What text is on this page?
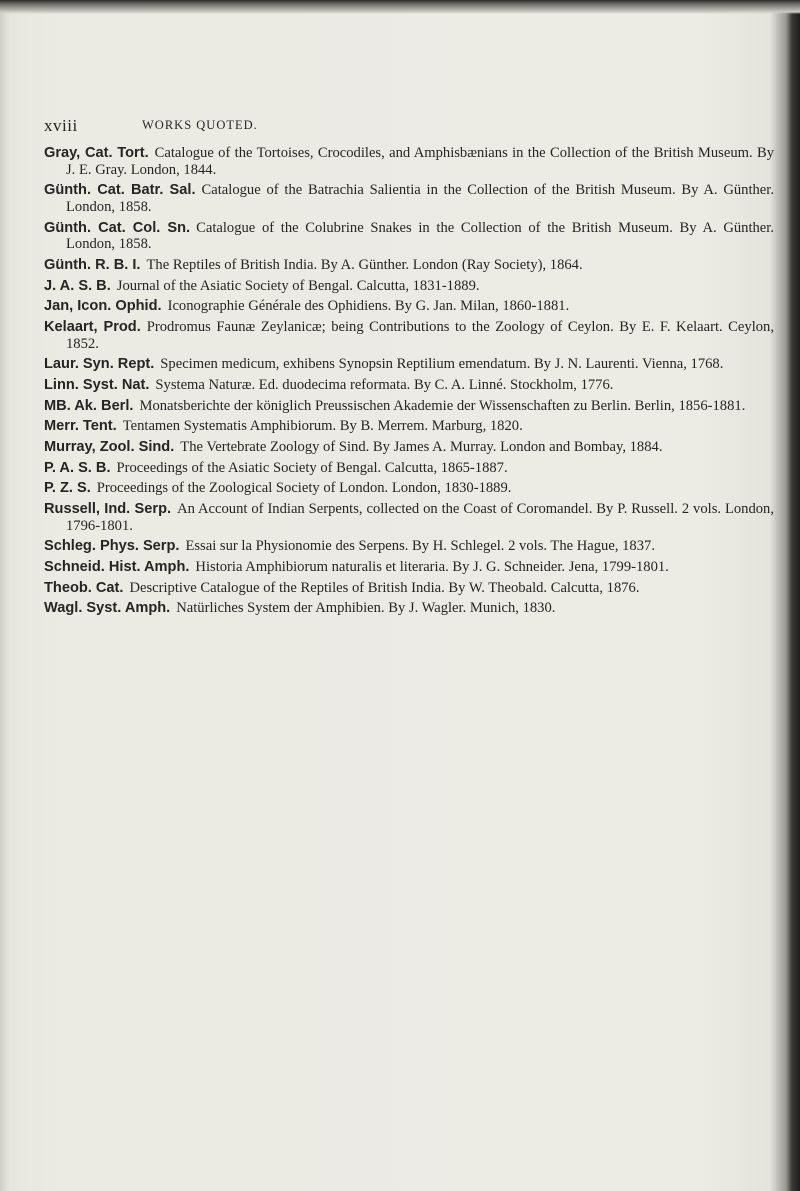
xviii	WORKS QUOTED.
Gray, Cat. Tort. Catalogue of the Tortoises, Crocodiles, and Amphisbænians in the Collection of the British Museum. By J. E. Gray. London, 1844.
Günth. Cat. Batr. Sal. Catalogue of the Batrachia Salientia in the Collection of the British Museum. By A. Günther. London, 1858.
Günth. Cat. Col. Sn. Catalogue of the Colubrine Snakes in the Collection of the British Museum. By A. Günther. London, 1858.
Günth. R. B. I. The Reptiles of British India. By A. Günther. London (Ray Society), 1864.
J. A. S. B. Journal of the Asiatic Society of Bengal. Calcutta, 1831-1889.
Jan, Icon. Ophid. Iconographie Générale des Ophidiens. By G. Jan. Milan, 1860-1881.
Kelaart, Prod. Prodromus Faunæ Zeylanicæ; being Contributions to the Zoology of Ceylon. By E. F. Kelaart. Ceylon, 1852.
Laur. Syn. Rept. Specimen medicum, exhibens Synopsin Reptilium emendatum. By J. N. Laurenti. Vienna, 1768.
Linn. Syst. Nat. Systema Naturæ. Ed. duodecima reformata. By C. A. Linné. Stockholm, 1776.
MB. Ak. Berl. Monatsberichte der königlich Preussischen Akademie der Wissenschaften zu Berlin. Berlin, 1856-1881.
Merr. Tent. Tentamen Systematis Amphibiorum. By B. Merrem. Marburg, 1820.
Murray, Zool. Sind. The Vertebrate Zoology of Sind. By James A. Murray. London and Bombay, 1884.
P. A. S. B. Proceedings of the Asiatic Society of Bengal. Calcutta, 1865-1887.
P. Z. S. Proceedings of the Zoological Society of London. London, 1830-1889.
Russell, Ind. Serp. An Account of Indian Serpents, collected on the Coast of Coromandel. By P. Russell. 2 vols. London, 1796-1801.
Schleg. Phys. Serp. Essai sur la Physionomie des Serpens. By H. Schlegel. 2 vols. The Hague, 1837.
Schneid. Hist. Amph. Historia Amphibiorum naturalis et literaria. By J. G. Schneider. Jena, 1799-1801.
Theob. Cat. Descriptive Catalogue of the Reptiles of British India. By W. Theobald. Calcutta, 1876.
Wagl. Syst. Amph. Natürliches System der Amphibien. By J. Wagler. Munich, 1830.
